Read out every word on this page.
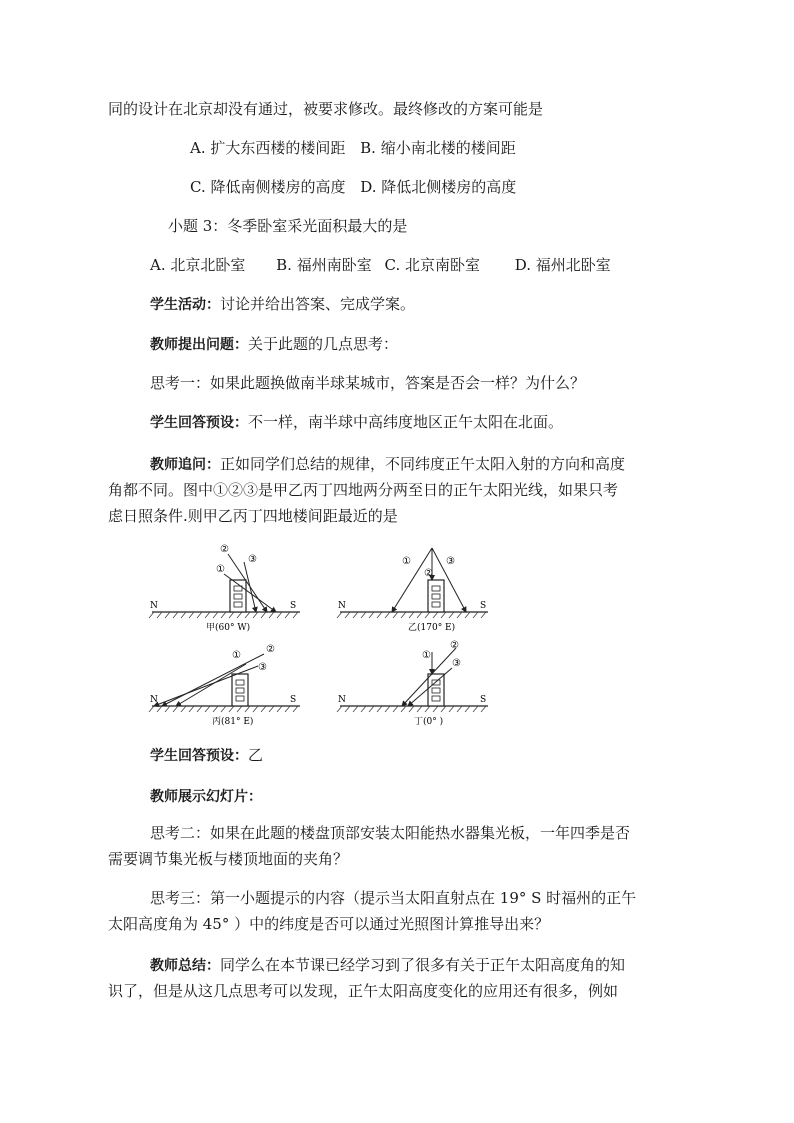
同的设计在北京却没有通过，被要求修改。最终修改的方案可能是
A. 扩大东西楼的楼间距 B. 缩小南北楼的楼间距
C. 降低南侧楼房的高度 D. 降低北侧楼房的高度
小题 3：冬季卧室采光面积最大的是
A. 北京北卧室 B. 福州南卧室 C. 北京南卧室 D. 福州北卧室
学生活动：讨论并给出答案、完成学案。
教师提出问题：关于此题的几点思考：
思考一：如果此题换做南半球某城市，答案是否会一样？为什么？
学生回答预设：不一样，南半球中高纬度地区正午太阳在北面。
教师追问：正如同学们总结的规律，不同纬度正午太阳入射的方向和高度
角都不同。图中①②③是甲乙丙丁四地两分两至日的正午太阳光线，如果只考
虑日照条件.则甲乙丙丁四地楼间距最近的是
②
③
①
N	S
甲(60° W)
①
②
③
N	S
乙(170° E)
①
②
③
N	S
丙(81° E)
①
②
③
N	S
丁(0° )
学生回答预设：乙
教师展示幻灯片：
思考二：如果在此题的楼盘顶部安装太阳能热水器集光板，一年四季是否
需要调节集光板与楼顶地面的夹角？
思考三：第一小题提示的内容（提示当太阳直射点在 19° S 时福州的正午
太阳高度角为 45° ）中的纬度是否可以通过光照图计算推导出来？
教师总结：同学么在本节课已经学习到了很多有关于正午太阳高度角的知
识了，但是从这几点思考可以发现，正午太阳高度变化的应用还有很多，例如
